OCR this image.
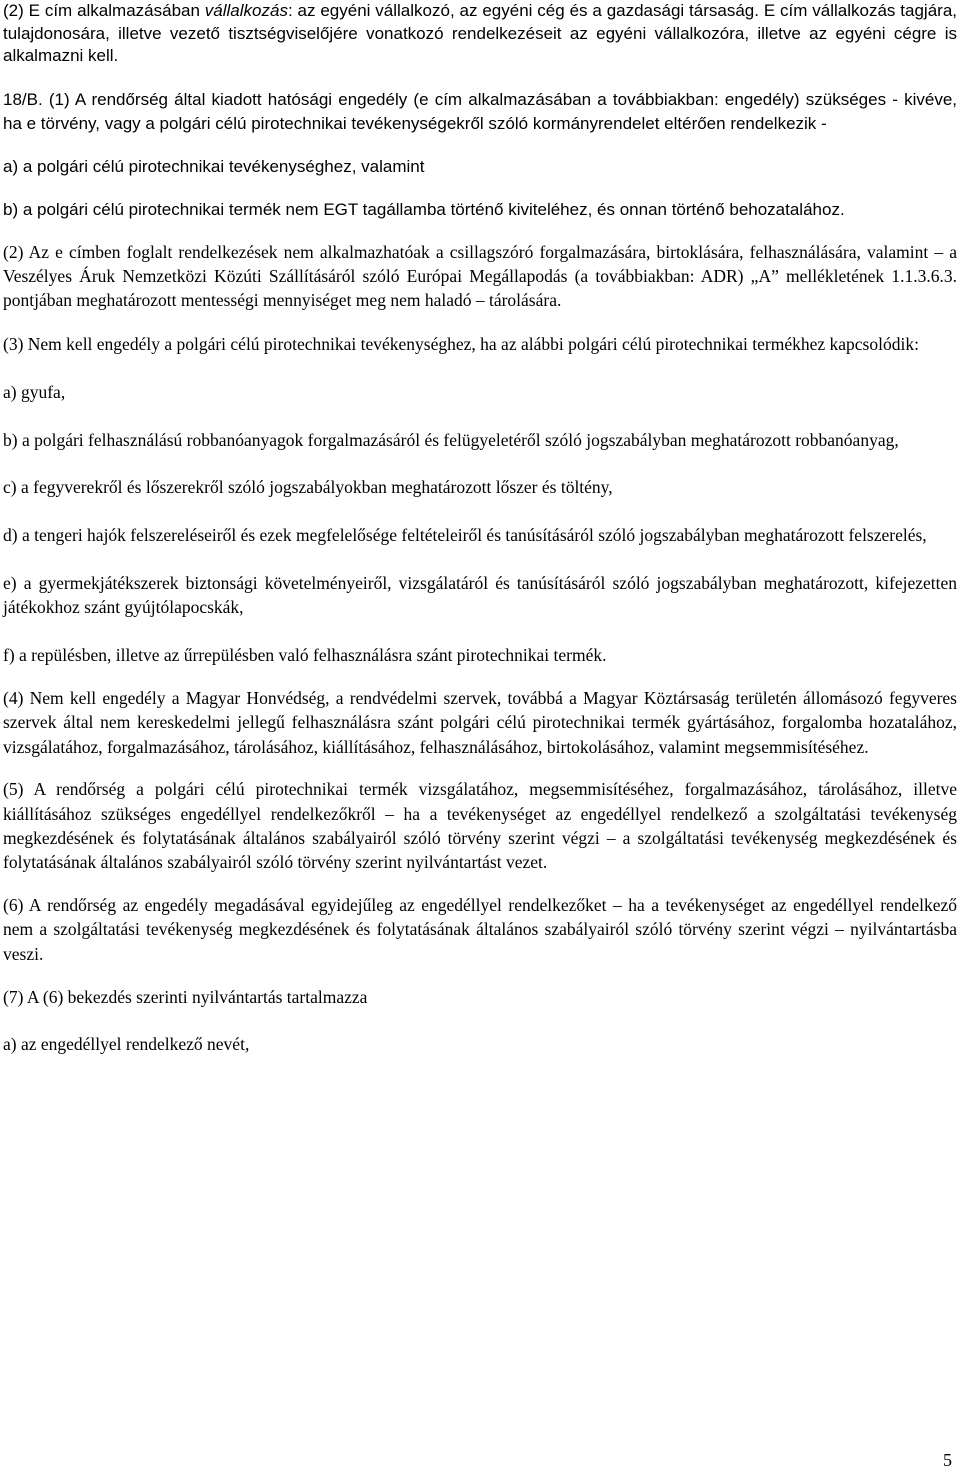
(2) E cím alkalmazásában vállalkozás: az egyéni vállalkozó, az egyéni cég és a gazdasági társaság. E cím vállalkozás tagjára, tulajdonosára, illetve vezető tisztségviselőjére vonatkozó rendelkezéseit az egyéni vállalkozóra, illetve az egyéni cégre is alkalmazni kell.

18/B. (1) A rendőrség által kiadott hatósági engedély (e cím alkalmazásában a továbbiakban: engedély) szükséges - kivéve, ha e törvény, vagy a polgári célú pirotechnikai tevékenységekről szóló kormányrendelet eltérően rendelkezik -

a) a polgári célú pirotechnikai tevékenységhez, valamint

b) a polgári célú pirotechnikai termék nem EGT tagállamba történő kiviteléhez, és onnan történő behozatalához.

(2) Az e címben foglalt rendelkezések nem alkalmazhatóak a csillagszóró forgalmazására, birtoklására, felhasználására, valamint – a Veszélyes Áruk Nemzetközi Közúti Szállításáról szóló Európai Megállapodás (a továbbiakban: ADR) „A” mellékletének 1.1.3.6.3. pontjában meghatározott mentességi mennyiséget meg nem haladó – tárolására.

(3) Nem kell engedély a polgári célú pirotechnikai tevékenységhez, ha az alábbi polgári célú pirotechnikai termékhez kapcsolódik:

a) gyufa,

b) a polgári felhasználású robbanóanyagok forgalmazásáról és felügyeletéről szóló jogszabályban meghatározott robbanóanyag,

c) a fegyverekről és lőszerekről szóló jogszabályokban meghatározott lőszer és töltény,

d) a tengeri hajók felszereléseiről és ezek megfelelősége feltételeiről és tanúsításáról szóló jogszabályban meghatározott felszerelés,

e) a gyermekjátékszerek biztonsági követelményeiről, vizsgálatáról és tanúsításáról szóló jogszabályban meghatározott, kifejezetten játékokhoz szánt gyújtólapocskák,

f) a repülésben, illetve az űrrepülésben való felhasználásra szánt pirotechnikai termék.

(4) Nem kell engedély a Magyar Honvédség, a rendvédelmi szervek, továbbá a Magyar Köztársaság területén állomásozó fegyveres szervek által nem kereskedelmi jellegű felhasználásra szánt polgári célú pirotechnikai termék gyártásához, forgalomba hozatalához, vizsgálatához, forgalmazásához, tárolásához, kiállításához, felhasználásához, birtokolásához, valamint megsemmisítéséhez.

(5) A rendőrség a polgári célú pirotechnikai termék vizsgálatához, megsemmisítéséhez, forgalmazásához, tárolásához, illetve kiállításához szükséges engedéllyel rendelkezőkről – ha a tevékenységet az engedéllyel rendelkező a szolgáltatási tevékenység megkezdésének és folytatásának általános szabályairól szóló törvény szerint végzi – a szolgáltatási tevékenység megkezdésének és folytatásának általános szabályairól szóló törvény szerint nyilvántartást vezet.

(6) A rendőrség az engedély megadásával egyidejűleg az engedéllyel rendelkezőket – ha a tevékenységet az engedéllyel rendelkező nem a szolgáltatási tevékenység megkezdésének és folytatásának általános szabályairól szóló törvény szerint végzi – nyilvántartásba veszi.

(7) A (6) bekezdés szerinti nyilvántartás tartalmazza

a) az engedéllyel rendelkező nevét,

5
